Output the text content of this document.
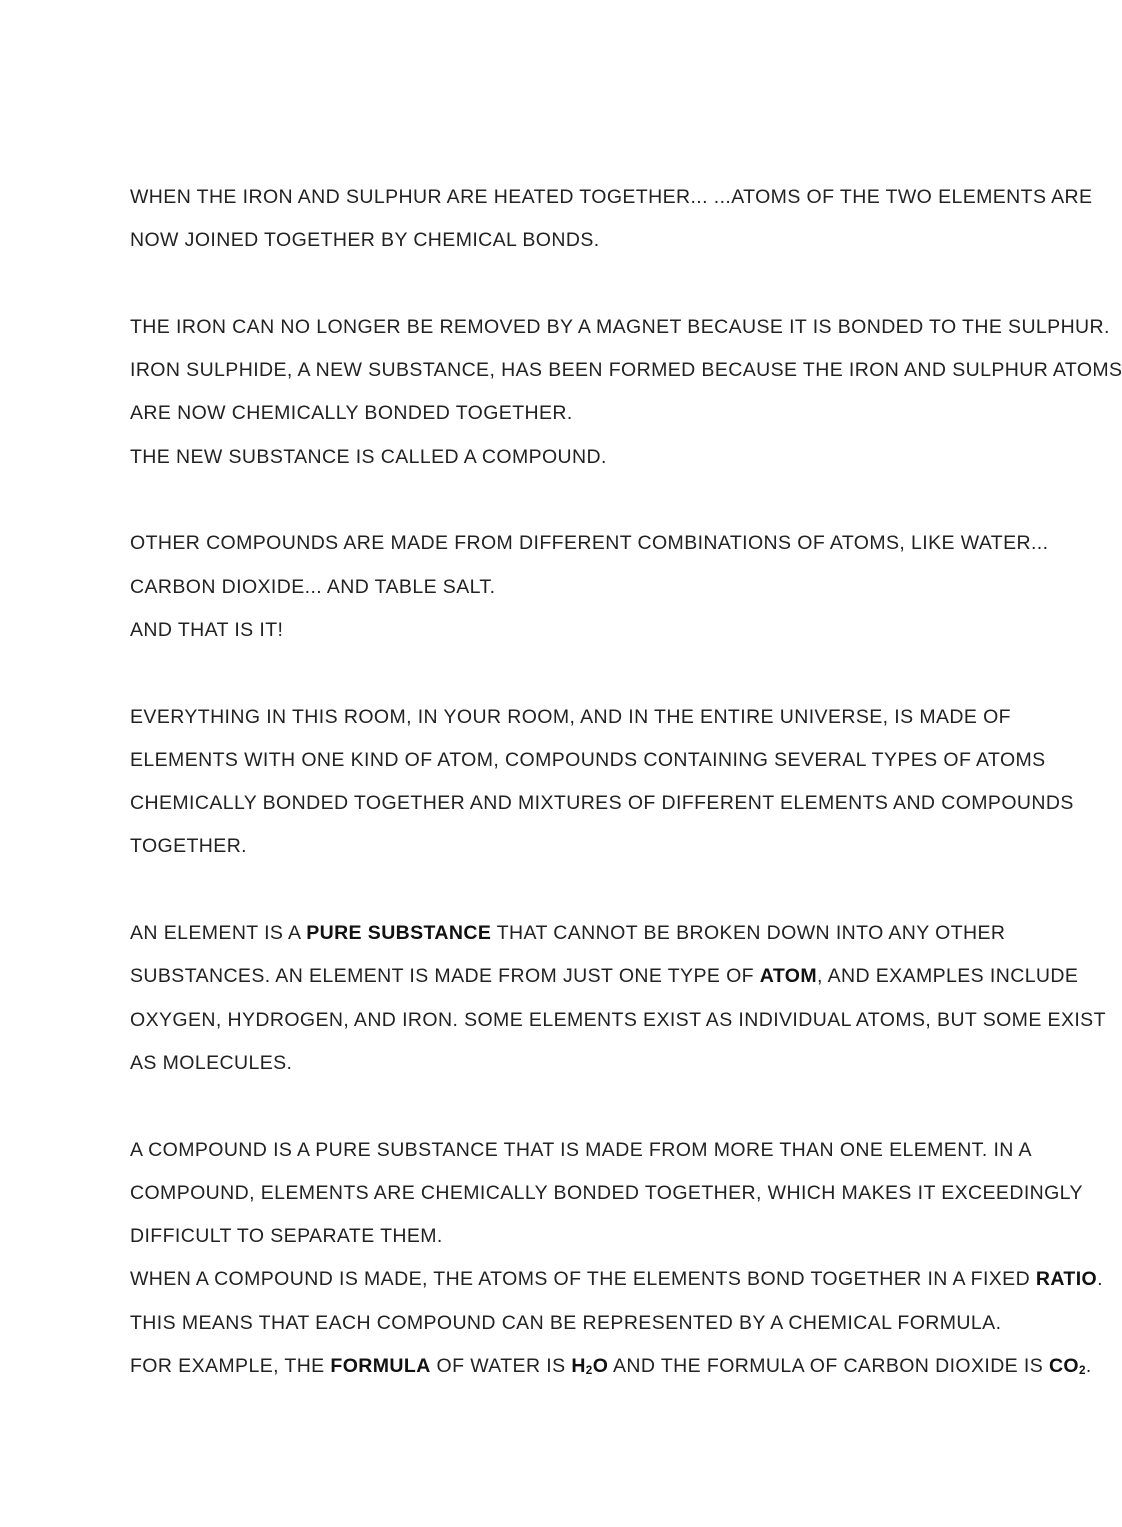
WHEN THE IRON AND SULPHUR ARE HEATED TOGETHER... ...ATOMS OF THE TWO ELEMENTS ARE
NOW JOINED TOGETHER BY CHEMICAL BONDS.

THE IRON CAN NO LONGER BE REMOVED BY A MAGNET BECAUSE IT IS BONDED TO THE SULPHUR.
IRON SULPHIDE, A NEW SUBSTANCE, HAS BEEN FORMED BECAUSE THE IRON AND SULPHUR ATOMS
ARE NOW CHEMICALLY BONDED TOGETHER.
THE NEW SUBSTANCE IS CALLED A COMPOUND.

OTHER COMPOUNDS ARE MADE FROM DIFFERENT COMBINATIONS OF ATOMS, LIKE WATER...
CARBON DIOXIDE... AND TABLE SALT.
AND THAT IS IT!

EVERYTHING IN THIS ROOM, IN YOUR ROOM, AND IN THE ENTIRE UNIVERSE, IS MADE OF
ELEMENTS WITH ONE KIND OF ATOM, COMPOUNDS CONTAINING SEVERAL TYPES OF ATOMS
CHEMICALLY BONDED TOGETHER AND MIXTURES OF DIFFERENT ELEMENTS AND COMPOUNDS
TOGETHER.

AN ELEMENT IS A PURE SUBSTANCE THAT CANNOT BE BROKEN DOWN INTO ANY OTHER
SUBSTANCES. AN ELEMENT IS MADE FROM JUST ONE TYPE OF ATOM, AND EXAMPLES INCLUDE
OXYGEN, HYDROGEN, AND IRON. SOME ELEMENTS EXIST AS INDIVIDUAL ATOMS, BUT SOME EXIST
AS MOLECULES.

A COMPOUND IS A PURE SUBSTANCE THAT IS MADE FROM MORE THAN ONE ELEMENT. IN A
COMPOUND, ELEMENTS ARE CHEMICALLY BONDED TOGETHER, WHICH MAKES IT EXCEEDINGLY
DIFFICULT TO SEPARATE THEM.
WHEN A COMPOUND IS MADE, THE ATOMS OF THE ELEMENTS BOND TOGETHER IN A FIXED RATIO.
THIS MEANS THAT EACH COMPOUND CAN BE REPRESENTED BY A CHEMICAL FORMULA.
FOR EXAMPLE, THE FORMULA OF WATER IS $H_2O$ AND THE FORMULA OF CARBON DIOXIDE IS $CO_2$.
